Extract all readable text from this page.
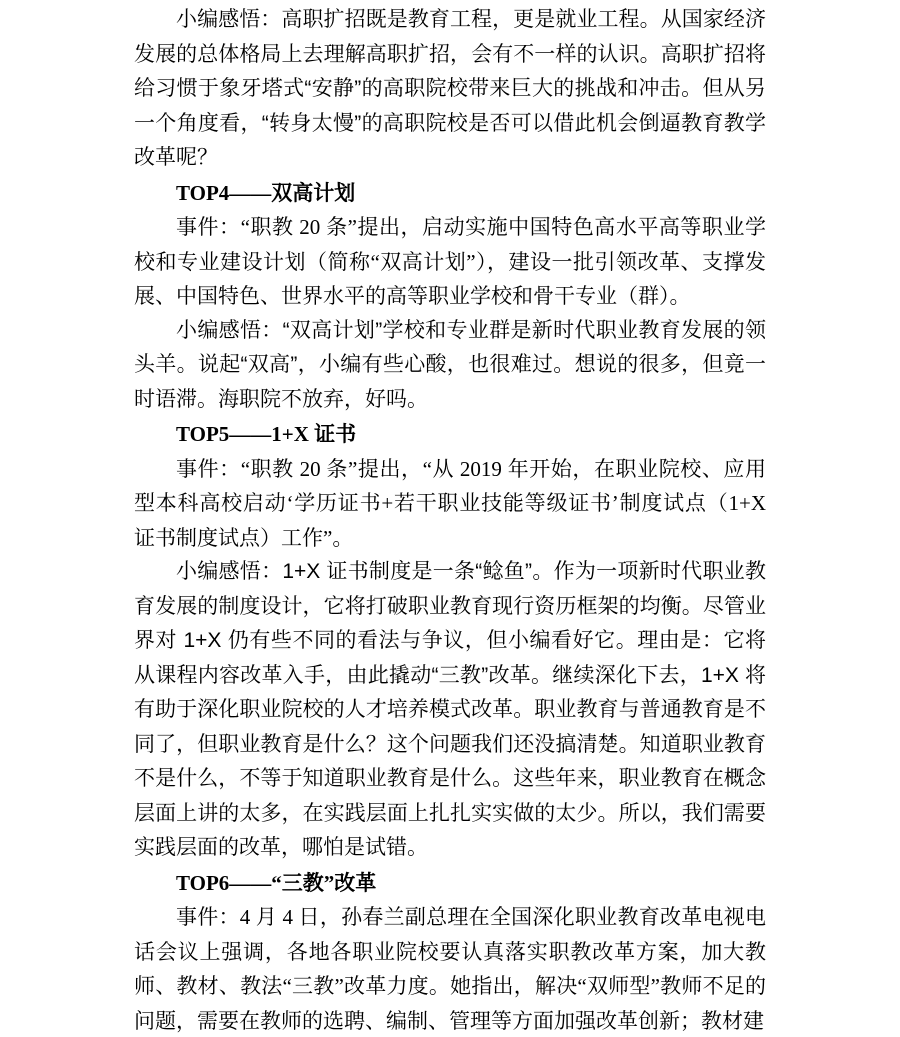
小编感悟：高职扩招既是教育工程，更是就业工程。从国家经济发展的总体格局上去理解高职扩招，会有不一样的认识。高职扩招将给习惯于象牙塔式“安静”的高职院校带来巨大的挑战和冲击。但从另一个角度看，“转身太慢”的高职院校是否可以借此机会倒逼教育教学改革呢？

TOP4——双高计划

事件：“职教 20 条”提出，启动实施中国特色高水平高等职业学校和专业建设计划（简称“双高计划”），建设一批引领改革、支撑发展、中国特色、世界水平的高等职业学校和骨干专业（群）。

小编感悟：“双高计划”学校和专业群是新时代职业教育发展的领头羊。说起“双高”，小编有些心酸，也很难过。想说的很多，但竟一时语滞。海职院不放弃，好吗。

TOP5——1+X 证书

事件：“职教 20 条”提出，“从 2019 年开始，在职业院校、应用型本科高校启动‘学历证书+若干职业技能等级证书’制度试点（1+X 证书制度试点）工作”。

小编感悟：1+X 证书制度是一条“鲶鱼”。作为一项新时代职业教育发展的制度设计，它将打破职业教育现行资历框架的均衡。尽管业界对 1+X 仍有些不同的看法与争议，但小编看好它。理由是：它将从课程内容改革入手，由此撬动“三教”改革。继续深化下去，1+X 将有助于深化职业院校的人才培养模式改革。职业教育与普通教育是不同了，但职业教育是什么？这个问题我们还没搞清楚。知道职业教育不是什么，不等于知道职业教育是什么。这些年来，职业教育在概念层面上讲的太多，在实践层面上扎扎实实做的太少。所以，我们需要实践层面的改革，哪怕是试错。

TOP6——“三教”改革

事件：4 月 4 日，孙春兰副总理在全国深化职业教育改革电视电话会议上强调，各地各职业院校要认真落实职教改革方案，加大教师、教材、教法“三教”改革力度。她指出，解决“双师型”教师不足的问题，需要在教师的选聘、编制、管理等方面加强改革创新；教材建
